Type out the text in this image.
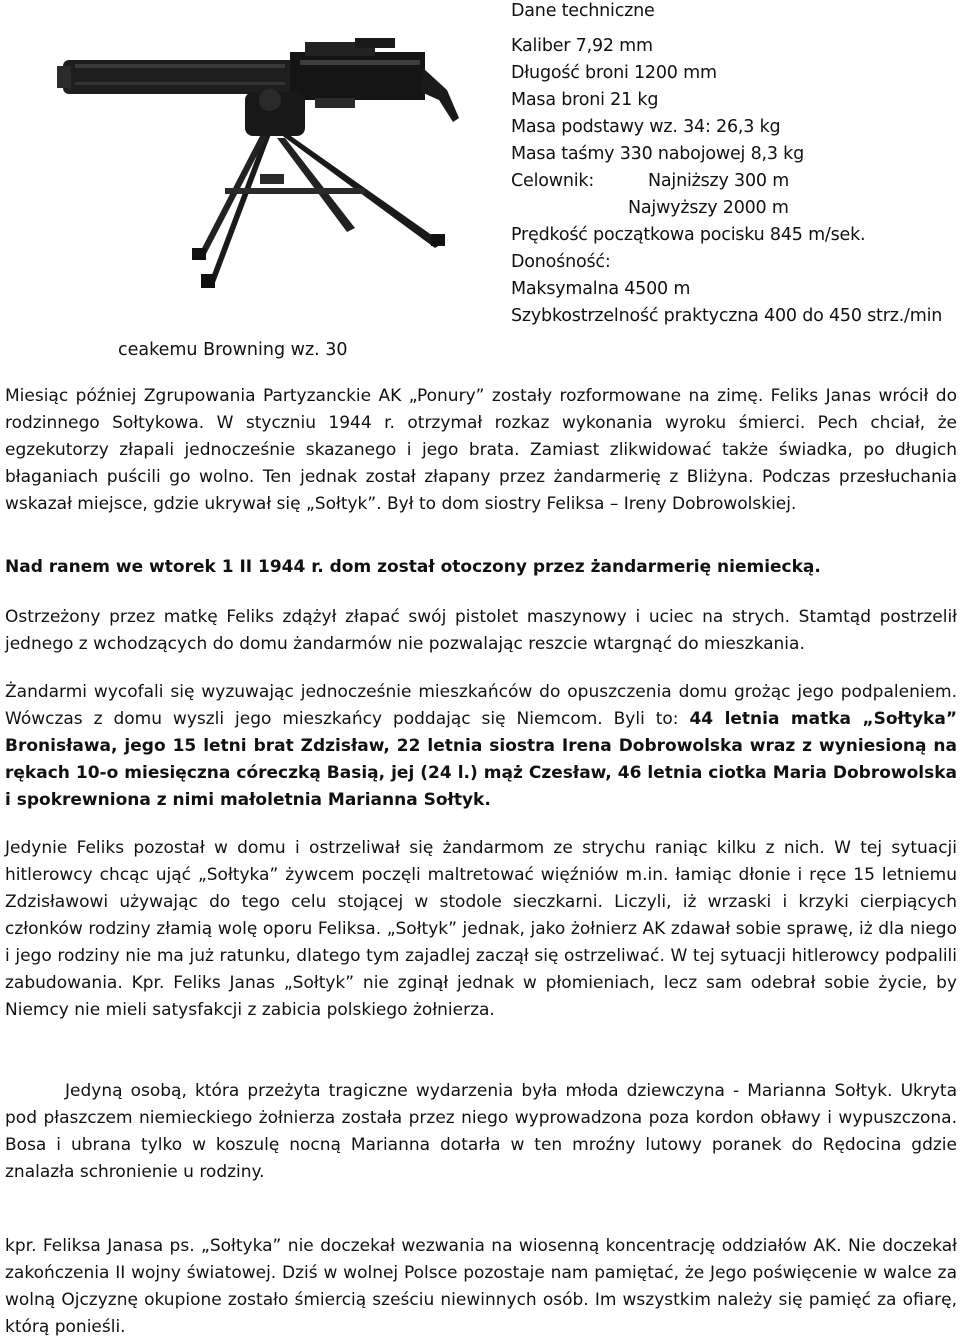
ceakemu Browning wz. 30
Dane techniczne
Kaliber 7,92 mm
Długość broni 1200 mm
Masa broni 21 kg
Masa podstawy wz. 34: 26,3 kg
Masa taśmy 330 nabojowej 8,3 kg
Celownik:	Najniższy 300 m
Najwyższy 2000 m
Prędkość początkowa pocisku 845 m/sek.
Donośność:
Maksymalna 4500 m
Szybkostrzelność praktyczna 400 do 450 strz./min
Miesiąc później Zgrupowania Partyzanckie AK „Ponury” zostały rozformowane na zimę. Feliks Janas wrócił do rodzinnego Sołtykowa. W styczniu 1944 r. otrzymał rozkaz wykonania wyroku śmierci. Pech chciał, że egzekutorzy złapali jednocześnie skazanego i jego brata. Zamiast zlikwidować także świadka, po długich błaganiach puścili go wolno. Ten jednak został złapany przez żandarmerię z Bliżyna. Podczas przesłuchania wskazał miejsce, gdzie ukrywał się „Sołtyk”. Był to dom siostry Feliksa – Ireny Dobrowolskiej.
Nad ranem we wtorek 1 II 1944 r. dom został otoczony przez żandarmerię niemiecką.
Ostrzeżony przez matkę Feliks zdążył złapać swój pistolet maszynowy i uciec na strych. Stamtąd postrzelił jednego z wchodzących do domu żandarmów nie pozwalając reszcie wtargnąć do mieszkania.
Żandarmi wycofali się wyzuwając jednocześnie mieszkańców do opuszczenia domu grożąc jego podpaleniem. Wówczas z domu wyszli jego mieszkańcy poddając się Niemcom. Byli to: 44 letnia matka „Sołtyka” Bronisława, jego 15 letni brat Zdzisław, 22 letnia siostra Irena Dobrowolska wraz z wyniesioną na rękach 10-o miesięczna córeczką Basią, jej (24 l.) mąż Czesław, 46 letnia ciotka Maria Dobrowolska i spokrewniona z nimi małoletnia Marianna Sołtyk.
Jedynie Feliks pozostał w domu i ostrzeliwał się żandarmom ze strychu raniąc kilku z nich. W tej sytuacji hitlerowcy chcąc ująć „Sołtyka” żywcem poczęli maltretować więźniów m.in. łamiąc dłonie i ręce 15 letniemu Zdzisławowi używając do tego celu stojącej w stodole sieczkarni. Liczyli, iż wrzaski i krzyki cierpiących członków rodziny złamią wolę oporu Feliksa. „Sołtyk” jednak, jako żołnierz AK zdawał sobie sprawę, iż dla niego i jego rodziny nie ma już ratunku, dlatego tym zajadlej zaczął się ostrzeliwać. W tej sytuacji hitlerowcy podpalili zabudowania. Kpr. Feliks Janas „Sołtyk” nie zginął jednak w płomieniach, lecz sam odebrał sobie życie, by Niemcy nie mieli satysfakcji z zabicia polskiego żołnierza.
Jedyną osobą, która przeżyta tragiczne wydarzenia była młoda dziewczyna - Marianna Sołtyk. Ukryta pod płaszczem niemieckiego żołnierza została przez niego wyprowadzona poza kordon obławy i wypuszczona. Bosa i ubrana tylko w koszulę nocną Marianna dotarła w ten mroźny lutowy poranek do Rędocina gdzie znalazła schronienie u rodziny.
kpr. Feliksa Janasa ps. „Sołtyka” nie doczekał wezwania na wiosenną koncentrację oddziałów AK. Nie doczekał zakończenia II wojny światowej. Dziś w wolnej Polsce pozostaje nam pamiętać, że Jego poświęcenie w walce za wolną Ojczyznę okupione zostało śmiercią sześciu niewinnych osób. Im wszystkim należy się pamięć za ofiarę, którą ponieśli.
